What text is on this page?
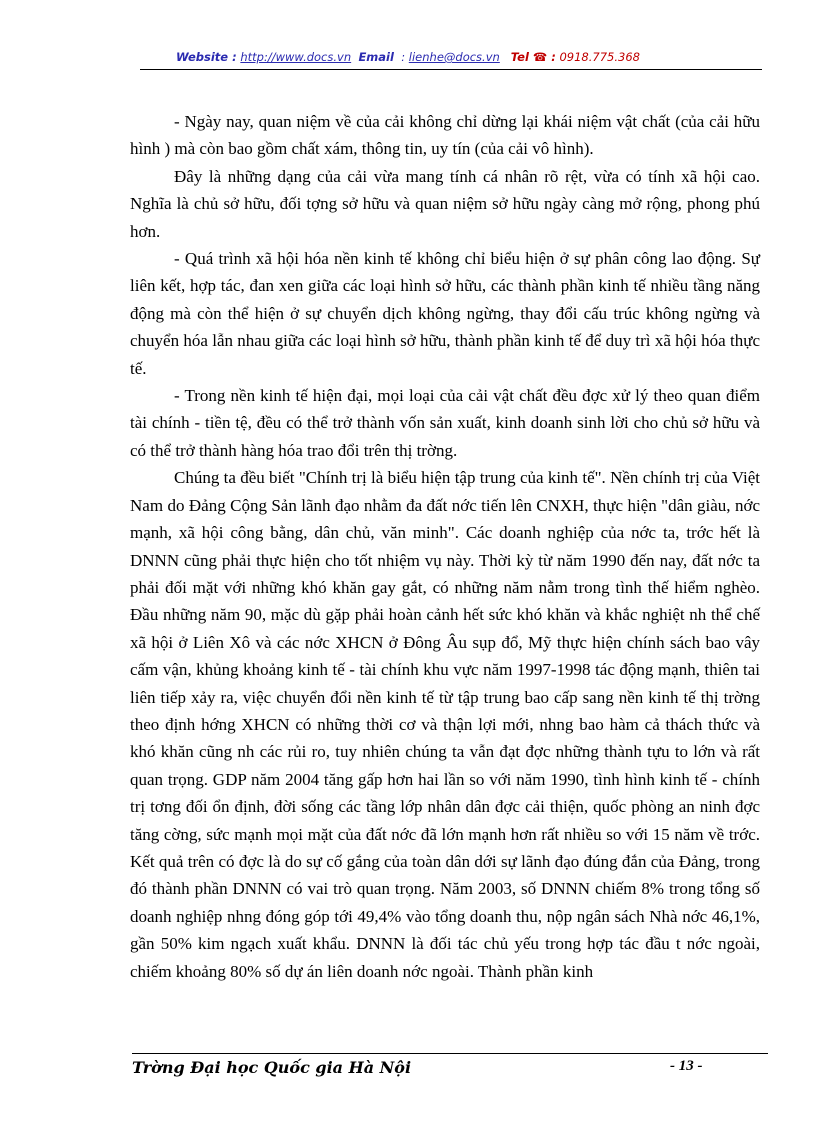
Website : http://www.docs.vn Email : lienhe@docs.vn Tel ☎ : 0918.775.368

- Ngày nay, quan niệm về của cải không chỉ dừng lại khái niệm vật chất (của cải hữu hình ) mà còn bao gồm chất xám, thông tin, uy tín (của cải vô hình).

Đây là những dạng của cải vừa mang tính cá nhân rõ rệt, vừa có tính xã hội cao. Nghĩa là chủ sở hữu, đối tợng sở hữu và quan niệm sở hữu ngày càng mở rộng, phong phú hơn.

- Quá trình xã hội hóa nền kinh tế không chỉ biểu hiện ở sự phân công lao động. Sự liên kết, hợp tác, đan xen giữa các loại hình sở hữu, các thành phần kinh tế nhiều tầng năng động mà còn thể hiện ở sự chuyển dịch không ngừng, thay đổi cấu trúc không ngừng và chuyển hóa lẫn nhau giữa các loại hình sở hữu, thành phần kinh tế để duy trì xã hội hóa thực tế.

- Trong nền kinh tế hiện đại, mọi loại của cải vật chất đều đợc xử lý theo quan điểm tài chính - tiền tệ, đều có thể trở thành vốn sản xuất, kinh doanh sinh lời cho chủ sở hữu và có thể trở thành hàng hóa trao đổi trên thị trờng.

Chúng ta đều biết "Chính trị là biểu hiện tập trung của kinh tế". Nền chính trị của Việt Nam do Đảng Cộng Sản lãnh đạo nhằm đa đất nớc tiến lên CNXH, thực hiện "dân giàu, nớc mạnh, xã hội công bằng, dân chủ, văn minh". Các doanh nghiệp của nớc ta, trớc hết là DNNN cũng phải thực hiện cho tốt nhiệm vụ này. Thời kỳ từ năm 1990 đến nay, đất nớc ta phải đối mặt với những khó khăn gay gắt, có những năm nằm trong tình thế hiểm nghèo. Đầu những năm 90, mặc dù gặp phải hoàn cảnh hết sức khó khăn và khắc nghiệt nh thể chế xã hội ở Liên Xô và các nớc XHCN ở Đông Âu sụp đổ, Mỹ thực hiện chính sách bao vây cấm vận, khủng khoảng kinh tế - tài chính khu vực năm 1997-1998 tác động mạnh, thiên tai liên tiếp xảy ra, việc chuyển đổi nền kinh tế từ tập trung bao cấp sang nền kinh tế thị trờng theo định hớng XHCN có những thời cơ và thận lợi mới, nhng bao hàm cả thách thức và khó khăn cũng nh các rủi ro, tuy nhiên chúng ta vẫn đạt đợc những thành tựu to lớn và rất quan trọng. GDP năm 2004 tăng gấp hơn hai lần so với năm 1990, tình hình kinh tế - chính trị tơng đối ổn định, đời sống các tầng lớp nhân dân đợc cải thiện, quốc phòng an ninh đợc tăng cờng, sức mạnh mọi mặt của đất nớc đã lớn mạnh hơn rất nhiều so với 15 năm về trớc. Kết quả trên có đợc là do sự cố gắng của toàn dân dới sự lãnh đạo đúng đắn của Đảng, trong đó thành phần DNNN có vai trò quan trọng. Năm 2003, số DNNN chiếm 8% trong tổng số doanh nghiệp nhng đóng góp tới 49,4% vào tổng doanh thu, nộp ngân sách Nhà nớc 46,1%, gần 50% kim ngạch xuất khẩu. DNNN là đối tác chủ yếu trong hợp tác đầu t nớc ngoài, chiếm khoảng 80% số dự án liên doanh nớc ngoài. Thành phần kinh

Trờng Đại học Quốc gia Hà Nội	- 13 -
